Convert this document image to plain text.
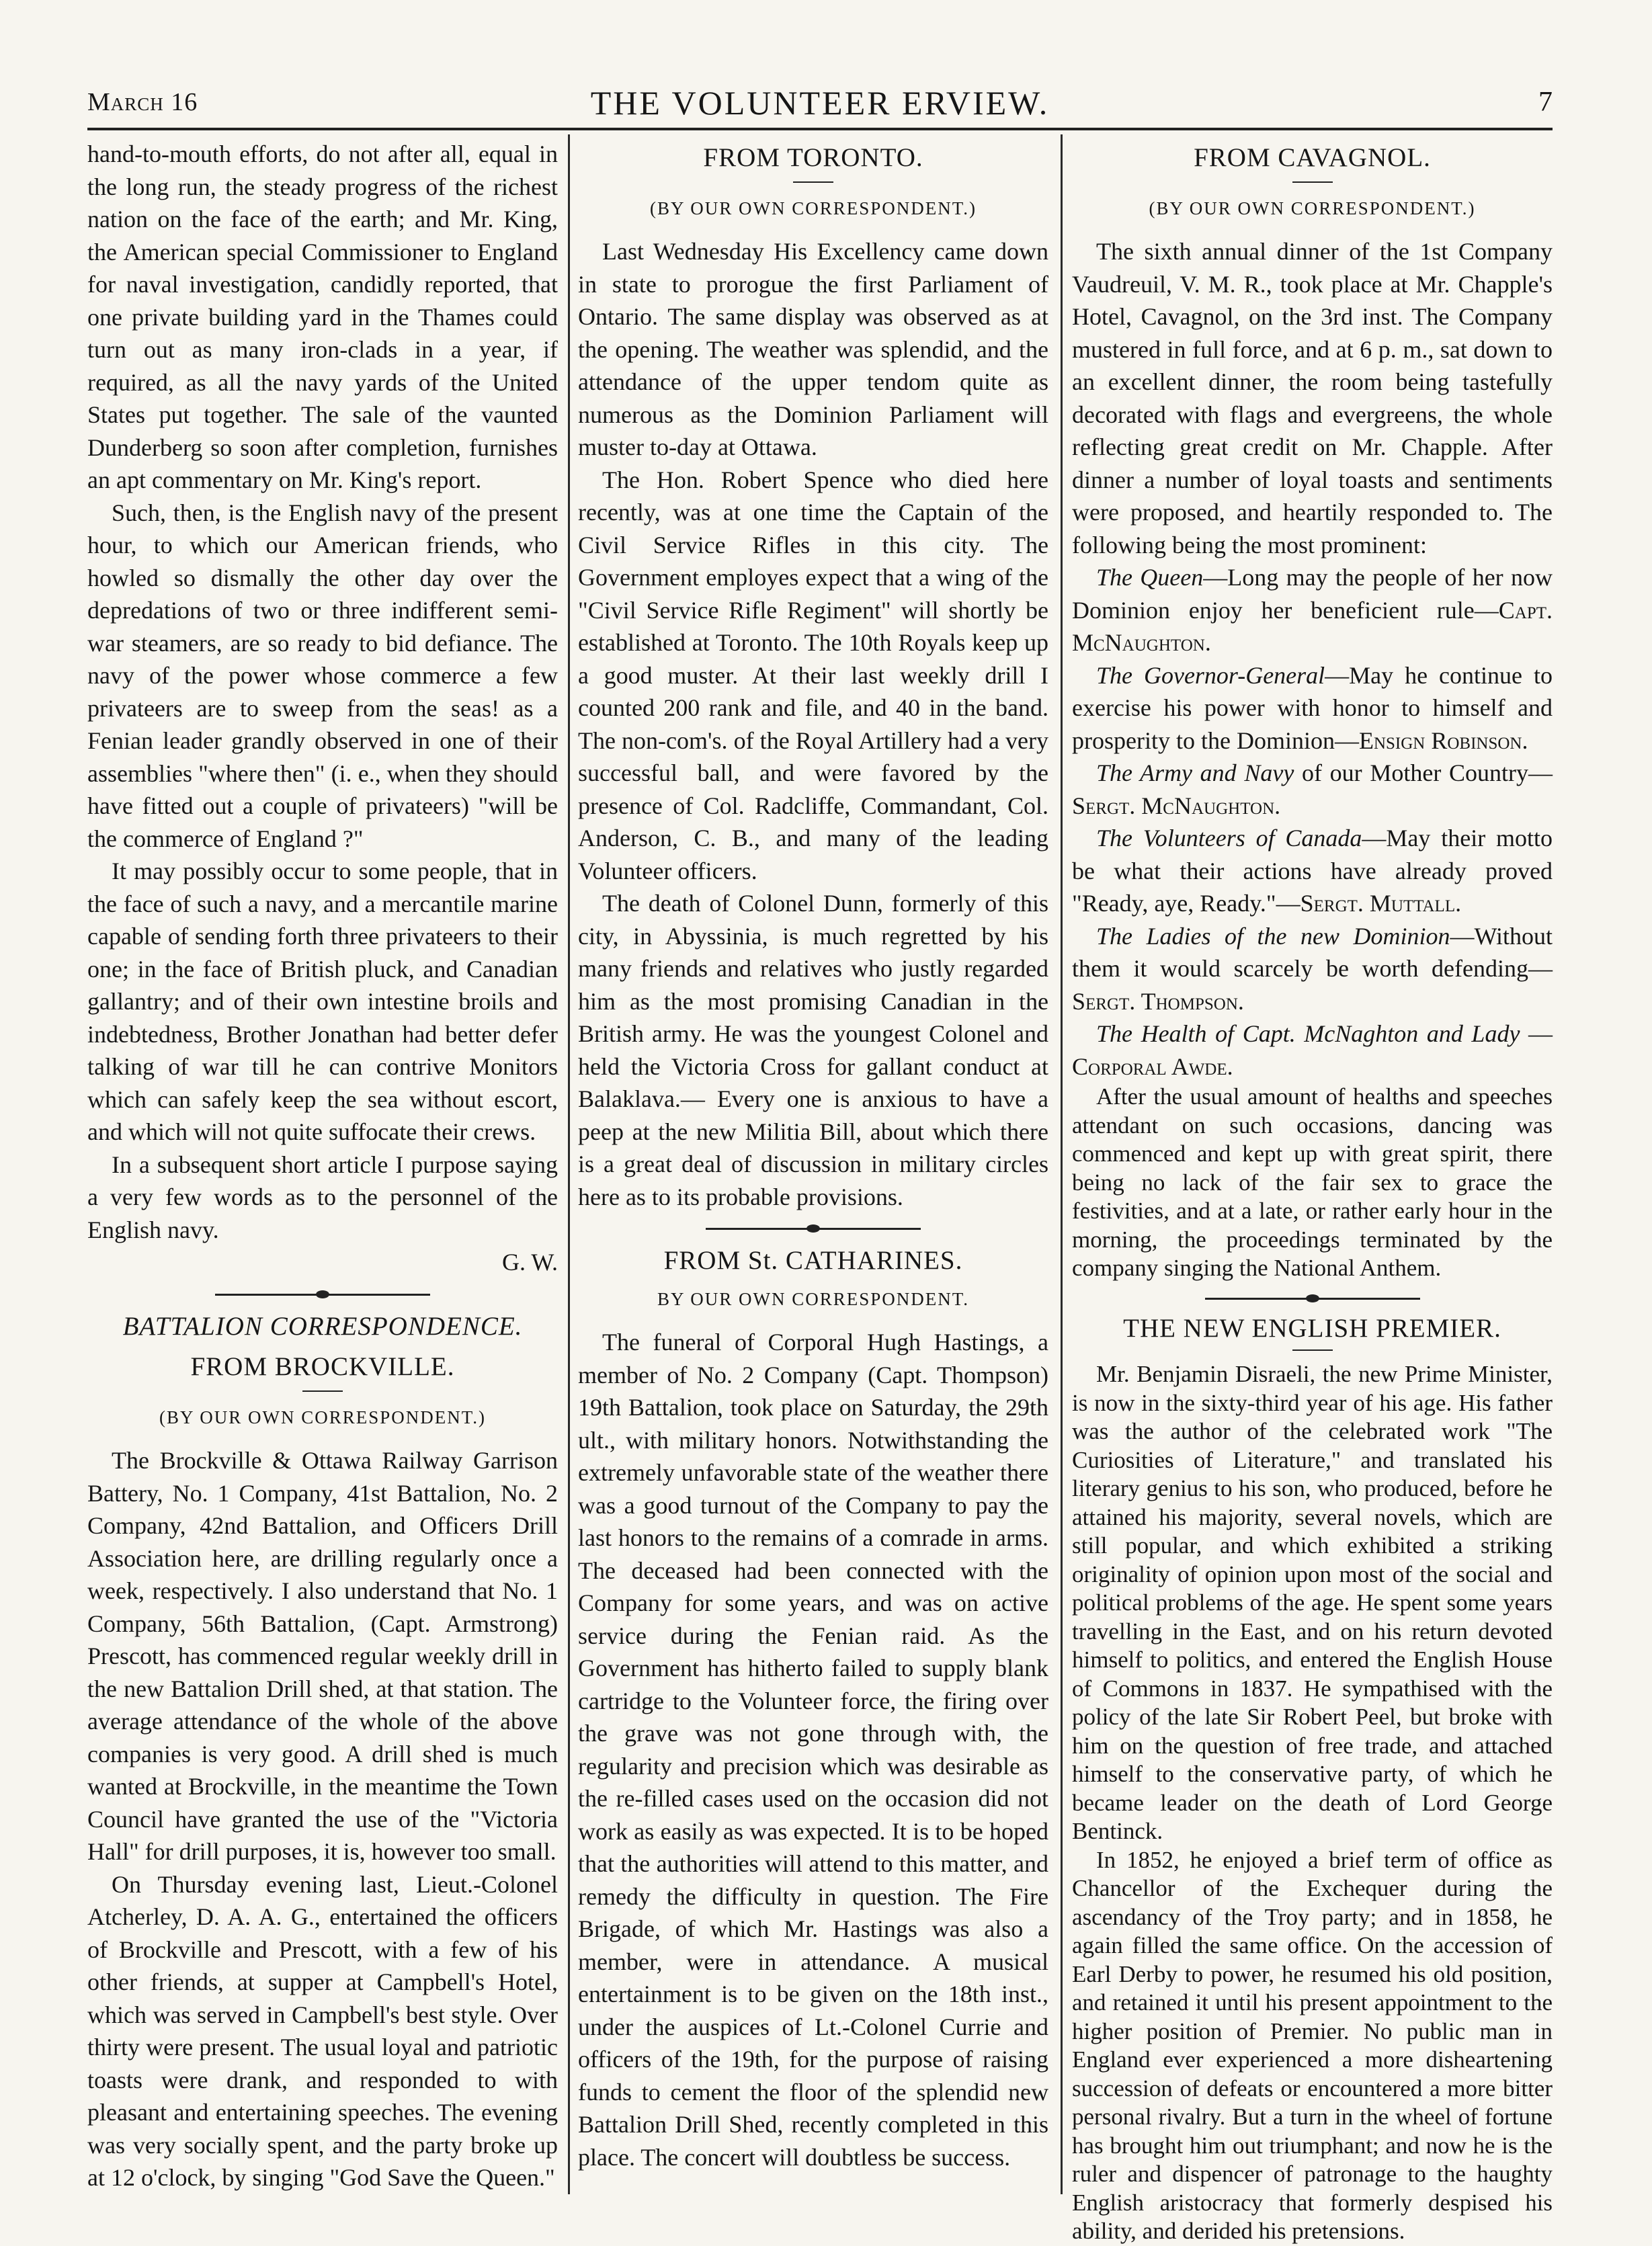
March 16	THE VOLUNTEER ERVIEW.	7

hand-to-mouth efforts, do not after all, equal in the long run, the steady progress of the richest nation on the face of the earth; and Mr. King, the American special Commissioner to England for naval investigation, candidly reported, that one private building yard in the Thames could turn out as many iron-clads in a year, if required, as all the navy yards of the United States put together. The sale of the vaunted Dunderberg so soon after completion, furnishes an apt commentary on Mr. King's report.

Such, then, is the English navy of the present hour, to which our American friends, who howled so dismally the other day over the depredations of two or three indifferent semi-war steamers, are so ready to bid defiance. The navy of the power whose commerce a few privateers are to sweep from the seas! as a Fenian leader grandly observed in one of their assemblies "where then" (i. e., when they should have fitted out a couple of privateers) "will be the commerce of England ?"

It may possibly occur to some people, that in the face of such a navy, and a mercantile marine capable of sending forth three privateers to their one; in the face of British pluck, and Canadian gallantry; and of their own intestine broils and indebtedness, Brother Jonathan had better defer talking of war till he can contrive Monitors which can safely keep the sea without escort, and which will not quite suffocate their crews.

In a subsequent short article I purpose saying a very few words as to the personnel of the English navy.

G. W.
BATTALION CORRESPONDENCE.
FROM BROCKVILLE.
(BY OUR OWN CORRESPONDENT.)

The Brockville & Ottawa Railway Garrison Battery, No. 1 Company, 41st Battalion, No. 2 Company, 42nd Battalion, and Officers Drill Association here, are drilling regularly once a week, respectively. I also understand that No. 1 Company, 56th Battalion, (Capt. Armstrong) Prescott, has commenced regular weekly drill in the new Battalion Drill shed, at that station. The average attendance of the whole of the above companies is very good. A drill shed is much wanted at Brockville, in the meantime the Town Council have granted the use of the "Victoria Hall" for drill purposes, it is, however too small.

On Thursday evening last, Lieut.-Colonel Atcherley, D. A. A. G., entertained the officers of Brockville and Prescott, with a few of his other friends, at supper at Campbell's Hotel, which was served in Campbell's best style. Over thirty were present. The usual loyal and patriotic toasts were drank, and responded to with pleasant and entertaining speeches. The evening was very socially spent, and the party broke up at 12 o'clock, by singing "God Save the Queen."

FROM TORONTO.
(BY OUR OWN CORRESPONDENT.)

Last Wednesday His Excellency came down in state to prorogue the first Parliament of Ontario. The same display was observed as at the opening. The weather was splendid, and the attendance of the upper tendom quite as numerous as the Dominion Parliament will muster to-day at Ottawa.

The Hon. Robert Spence who died here recently, was at one time the Captain of the Civil Service Rifles in this city. The Government employes expect that a wing of the "Civil Service Rifle Regiment" will shortly be established at Toronto. The 10th Royals keep up a good muster. At their last weekly drill I counted 200 rank and file, and 40 in the band. The non-com's. of the Royal Artillery had a very successful ball, and were favored by the presence of Col. Radcliffe, Commandant, Col. Anderson, C. B., and many of the leading Volunteer officers.

The death of Colonel Dunn, formerly of this city, in Abyssinia, is much regretted by his many friends and relatives who justly regarded him as the most promising Canadian in the British army. He was the youngest Colonel and held the Victoria Cross for gallant conduct at Balaklava.— Every one is anxious to have a peep at the new Militia Bill, about which there is a great deal of discussion in military circles here as to its probable provisions.

FROM St. CATHARINES.
BY OUR OWN CORRESPONDENT.

The funeral of Corporal Hugh Hastings, a member of No. 2 Company (Capt. Thompson) 19th Battalion, took place on Saturday, the 29th ult., with military honors. Notwithstanding the extremely unfavorable state of the weather there was a good turnout of the Company to pay the last honors to the remains of a comrade in arms. The deceased had been connected with the Company for some years, and was on active service during the Fenian raid. As the Government has hitherto failed to supply blank cartridge to the Volunteer force, the firing over the grave was not gone through with, the regularity and precision which was desirable as the re-filled cases used on the occasion did not work as easily as was expected. It is to be hoped that the authorities will attend to this matter, and remedy the difficulty in question. The Fire Brigade, of which Mr. Hastings was also a member, were in attendance. A musical entertainment is to be given on the 18th inst., under the auspices of Lt.-Colonel Currie and officers of the 19th, for the purpose of raising funds to cement the floor of the splendid new Battalion Drill Shed, recently completed in this place. The concert will doubtless be success.

FROM CAVAGNOL.
(BY OUR OWN CORRESPONDENT.)

The sixth annual dinner of the 1st Company Vaudreuil, V. M. R., took place at Mr. Chapple's Hotel, Cavagnol, on the 3rd inst. The Company mustered in full force, and at 6 p. m., sat down to an excellent dinner, the room being tastefully decorated with flags and evergreens, the whole reflecting great credit on Mr. Chapple. After dinner a number of loyal toasts and sentiments were proposed, and heartily responded to. The following being the most prominent:

The Queen—Long may the people of her now Dominion enjoy her beneficient rule—Capt. McNaughton.

The Governor-General—May he continue to exercise his power with honor to himself and prosperity to the Dominion—Ensign Robinson.

The Army and Navy of our Mother Country—Sergt. McNaughton.

The Volunteers of Canada—May their motto be what their actions have already proved "Ready, aye, Ready."—Sergt. Muttall.

The Ladies of the new Dominion—Without them it would scarcely be worth defending—Sergt. Thompson.

The Health of Capt. McNaghton and Lady —Corporal Awde.

After the usual amount of healths and speeches attendant on such occasions, dancing was commenced and kept up with great spirit, there being no lack of the fair sex to grace the festivities, and at a late, or rather early hour in the morning, the proceedings terminated by the company singing the National Anthem.

THE NEW ENGLISH PREMIER.

Mr. Benjamin Disraeli, the new Prime Minister, is now in the sixty-third year of his age. His father was the author of the celebrated work "The Curiosities of Literature," and translated his literary genius to his son, who produced, before he attained his majority, several novels, which are still popular, and which exhibited a striking originality of opinion upon most of the social and political problems of the age. He spent some years travelling in the East, and on his return devoted himself to politics, and entered the English House of Commons in 1837. He sympathised with the policy of the late Sir Robert Peel, but broke with him on the question of free trade, and attached himself to the conservative party, of which he became leader on the death of Lord George Bentinck.

In 1852, he enjoyed a brief term of office as Chancellor of the Exchequer during the ascendancy of the Troy party; and in 1858, he again filled the same office. On the accession of Earl Derby to power, he resumed his old position, and retained it until his present appointment to the higher position of Premier. No public man in England ever experienced a more disheartening succession of defeats or encountered a more bitter personal rivalry. But a turn in the wheel of fortune has brought him out triumphant; and now he is the ruler and dispencer of patronage to the haughty English aristocracy that formerly despised his ability, and derided his pretensions.
